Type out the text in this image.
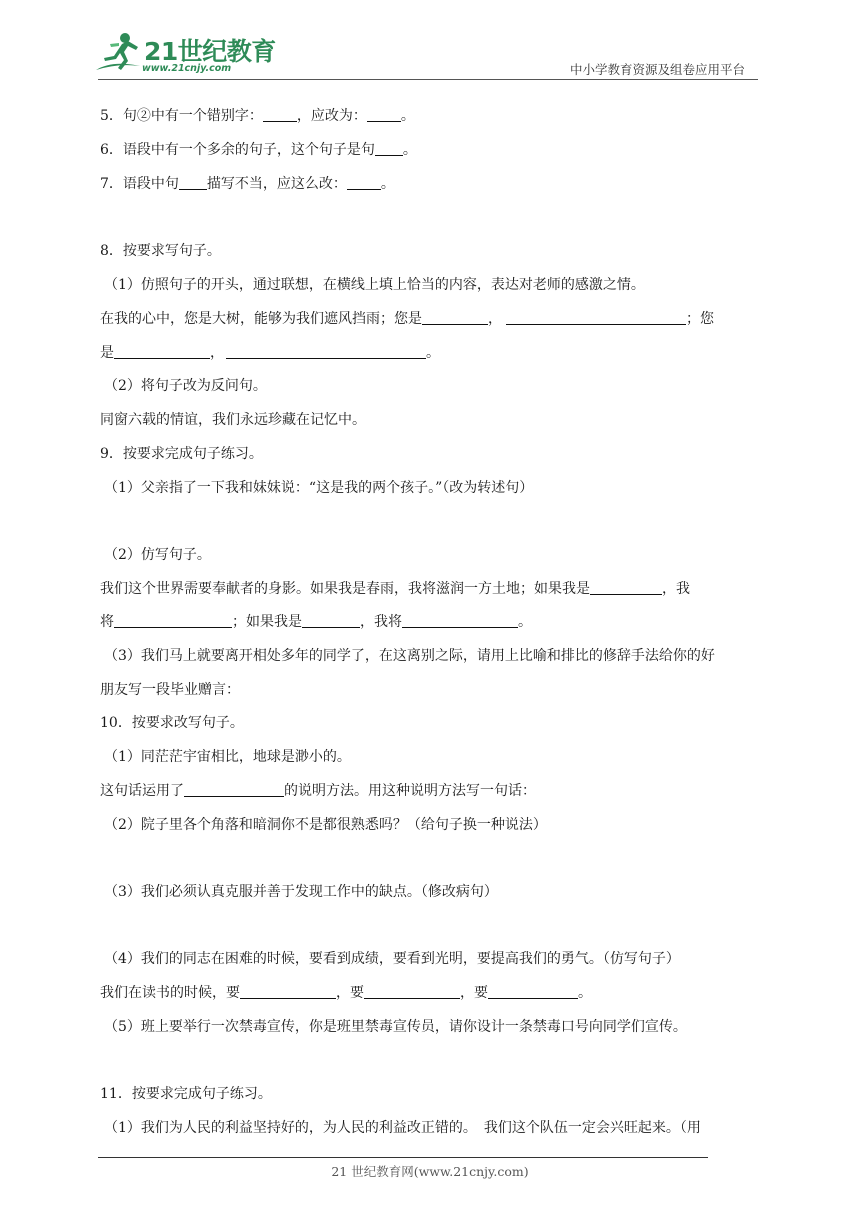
21世纪教育
www.21cnjy.com	中小学教育资源及组卷应用平台
5．句②中有一个错别字： ，应改为： 。
6．语段中有一个多余的句子，这个句子是句 。
7．语段中句 描写不当，应这么改： 。
8．按要求写句子。
（1）仿照句子的开头，通过联想，在横线上填上恰当的内容，表达对老师的感激之情。
在我的心中，您是大树，能够为我们遮风挡雨；您是	，	；您
是	，	。
（2）将句子改为反问句。
同窗六载的情谊，我们永远珍藏在记忆中。
9．按要求完成句子练习。
（1）父亲指了一下我和妹妹说：“这是我的两个孩子。”（改为转述句）
（2）仿写句子。
我们这个世界需要奉献者的身影。如果我是春雨，我将滋润一方土地；如果我是	，我
将	；如果我是	，我将	。
（3）我们马上就要离开相处多年的同学了，在这离别之际，请用上比喻和排比的修辞手法给你的好
朋友写一段毕业赠言：
10．按要求改写句子。
（1）同茫茫宇宙相比，地球是渺小的。
这句话运用了	的说明方法。用这种说明方法写一句话：
（2）院子里各个角落和暗洞你不是都很熟悉吗？（给句子换一种说法）
（3）我们必须认真克服并善于发现工作中的缺点。（修改病句）
（4）我们的同志在困难的时候，要看到成绩，要看到光明，要提高我们的勇气。（仿写句子）
我们在读书的时候，要	，要	，要	。
（5）班上要举行一次禁毒宣传，你是班里禁毒宣传员，请你设计一条禁毒口号向同学们宣传。
11．按要求完成句子练习。
（1）我们为人民的利益坚持好的，为人民的利益改正错的。　我们这个队伍一定会兴旺起来。（用
21 世纪教育网(www.21cnjy.com)
